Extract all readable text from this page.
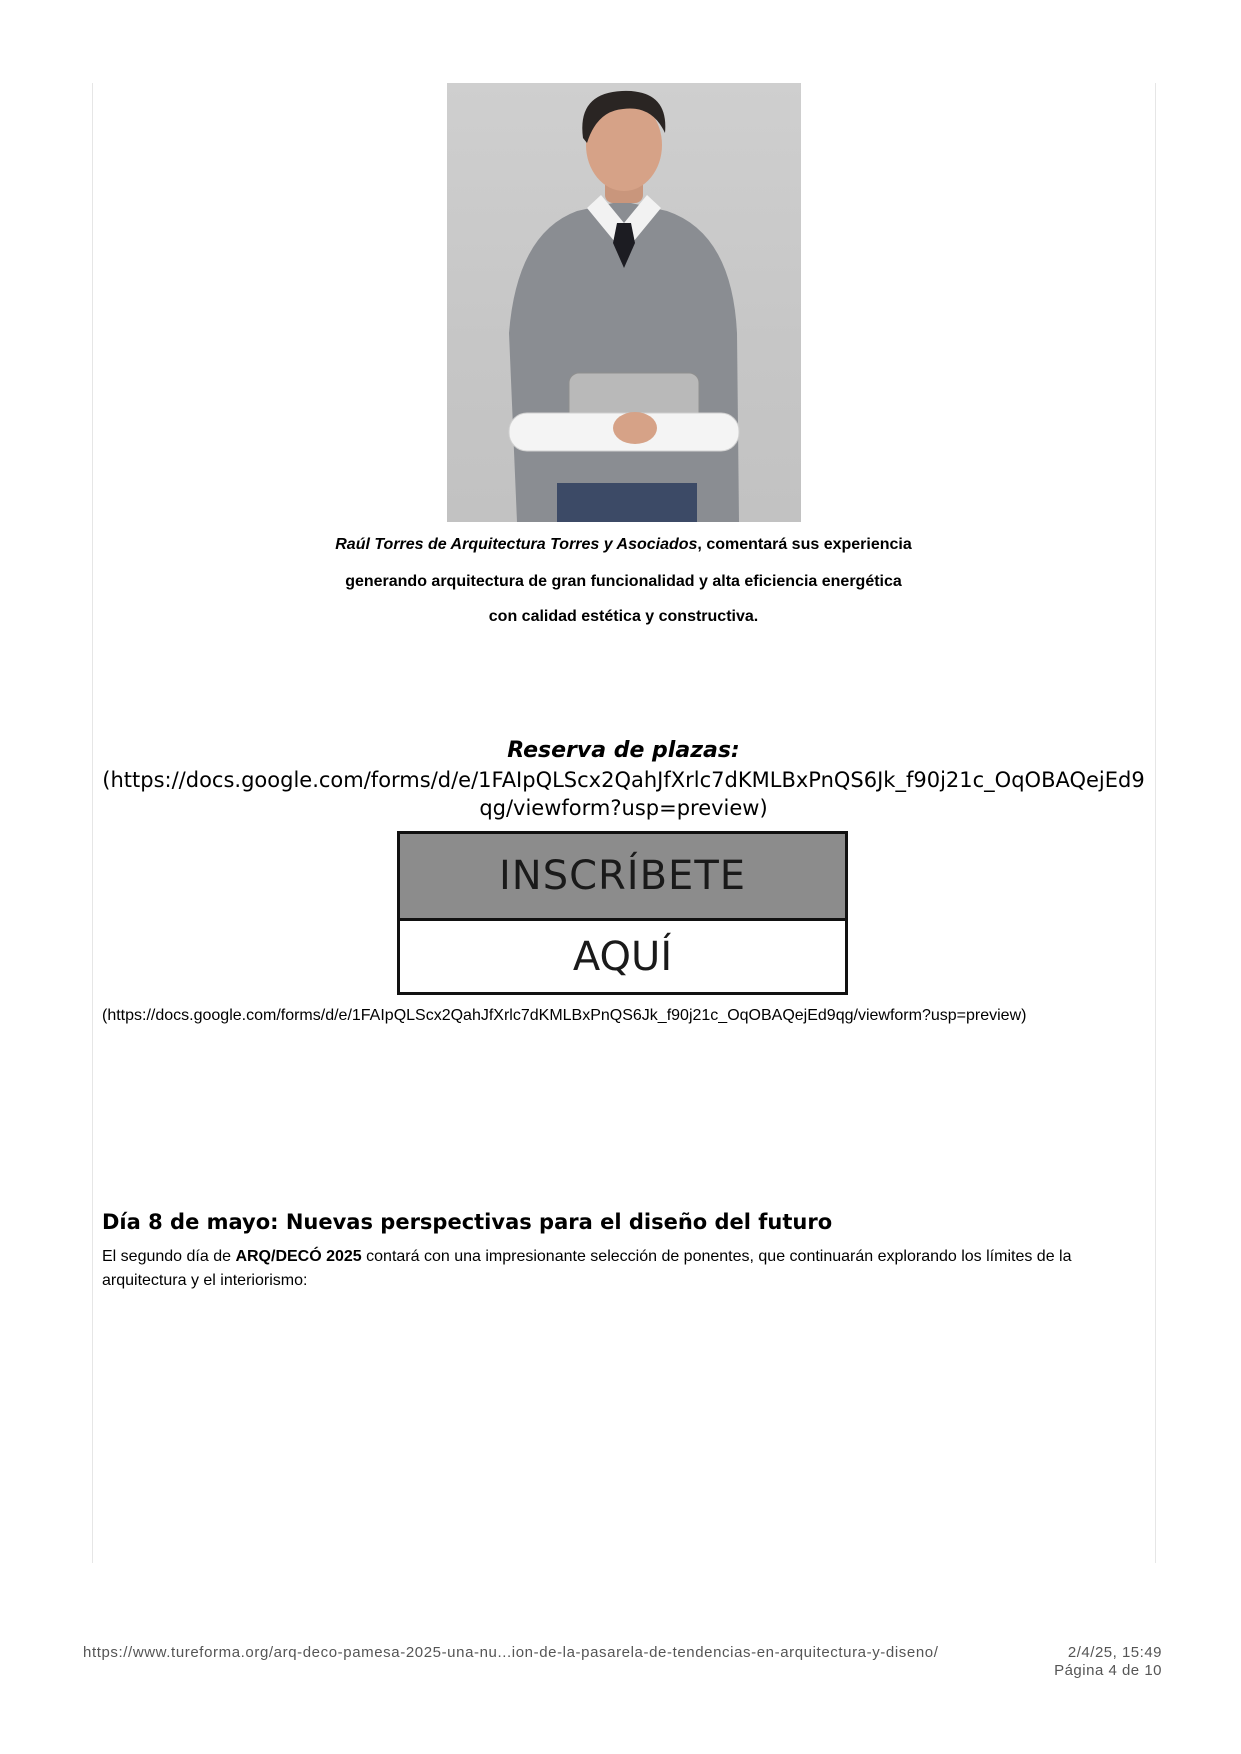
Raúl Torres de Arquitectura Torres y Asociados, comentará sus experiencia
generando arquitectura de gran funcionalidad y alta eficiencia energética
con calidad estética y constructiva.
Reserva de plazas:
(https://docs.google.com/forms/d/e/1FAIpQLScx2QahJfXrlc7dKMLBxPnQS6Jk_f90j21c_OqOBAQejEd9qg/viewform?usp=preview)
INSCRÍBETE
AQUÍ
(https://docs.google.com/forms/d/e/1FAIpQLScx2QahJfXrlc7dKMLBxPnQS6Jk_f90j21c_OqOBAQejEd9qg/viewform?usp=preview)
Día 8 de mayo: Nuevas perspectivas para el diseño del futuro

El segundo día de ARQ/DECÓ 2025 contará con una impresionante selección de ponentes, que continuarán explorando los límites de la arquitectura y el interiorismo:

https://www.tureforma.org/arq-deco-pamesa-2025-una-nu...ion-de-la-pasarela-de-tendencias-en-arquitectura-y-diseno/	2/4/25, 15:49
Página 4 de 10
